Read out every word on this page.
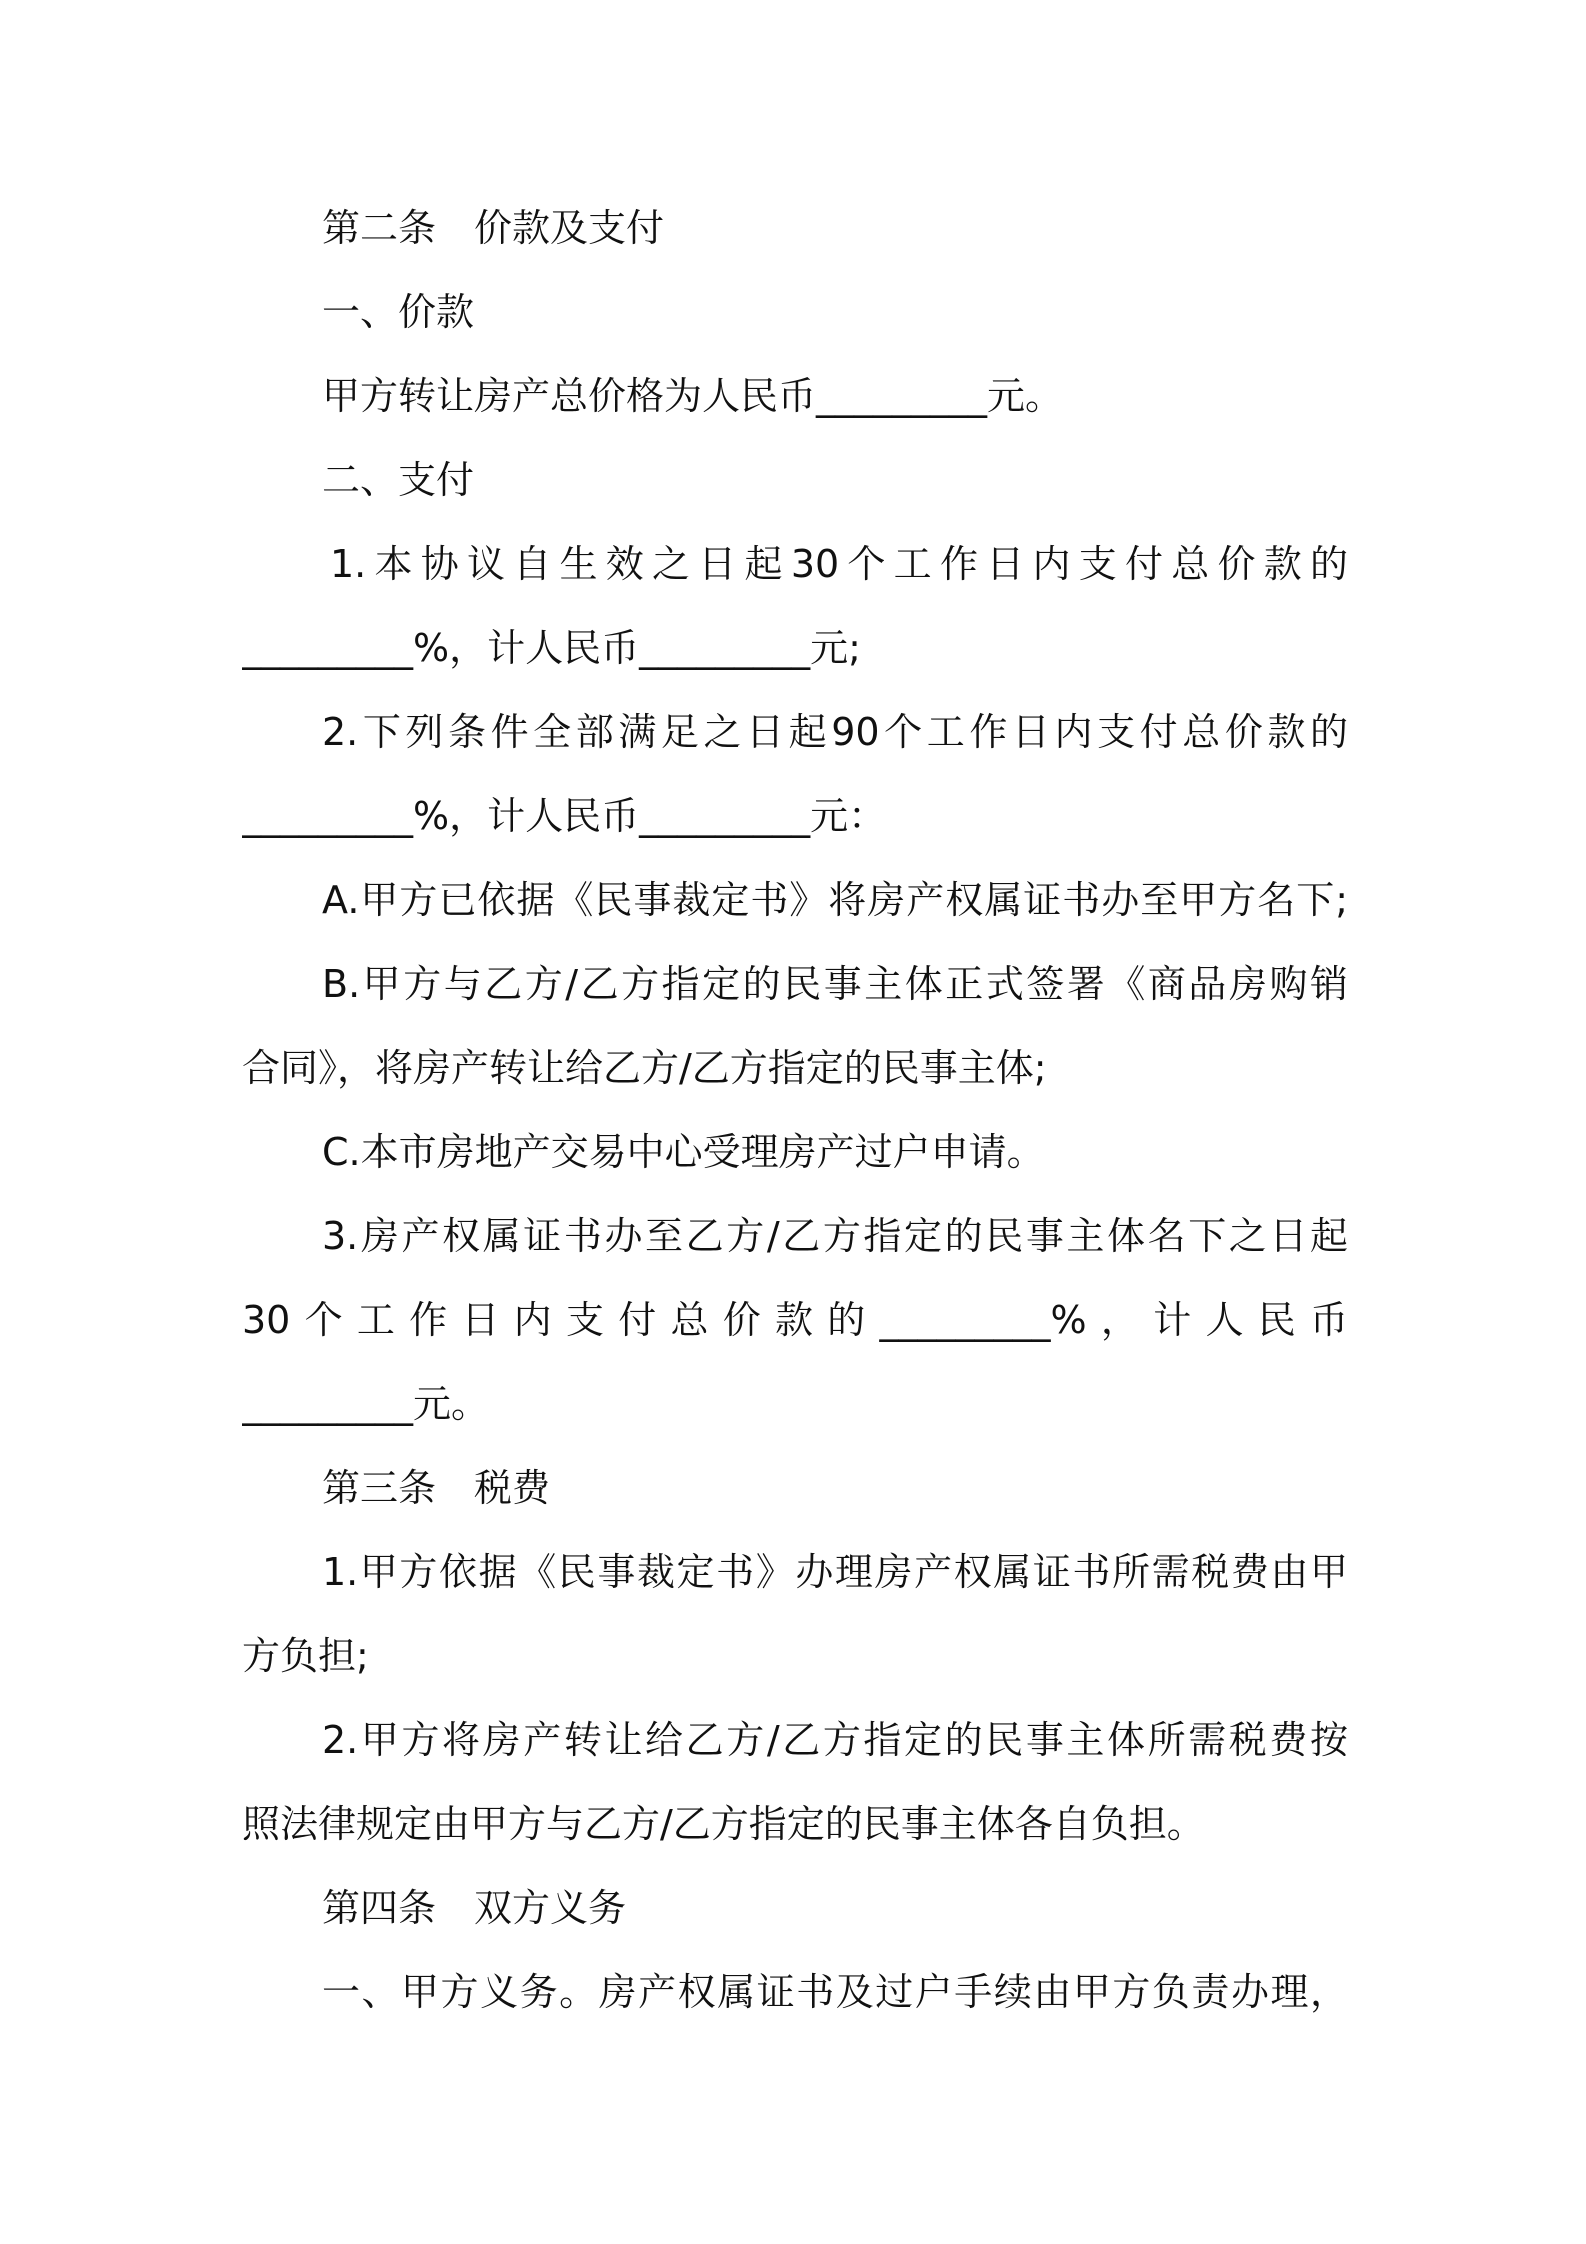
第二条　价款及支付
一、价款
甲方转让房产总价格为人民币_________元。
二、支付
1.本协议自生效之日起30个工作日内支付总价款的
_________%，计人民币_________元;
2.下列条件全部满足之日起90个工作日内支付总价款的
_________%，计人民币_________元：
A.甲方已依据《民事裁定书》将房产权属证书办至甲方名下;
B.甲方与乙方/乙方指定的民事主体正式签署《商品房购销
合同》，将房产转让给乙方/乙方指定的民事主体;
C.本市房地产交易中心受理房产过户申请。
3.房产权属证书办至乙方/乙方指定的民事主体名下之日起
30个工作日内支付总价款的_________%，计人民币
_________元。
第三条　税费
1.甲方依据《民事裁定书》办理房产权属证书所需税费由甲
方负担;
2.甲方将房产转让给乙方/乙方指定的民事主体所需税费按
照法律规定由甲方与乙方/乙方指定的民事主体各自负担。
第四条　双方义务
一、甲方义务。房产权属证书及过户手续由甲方负责办理，
